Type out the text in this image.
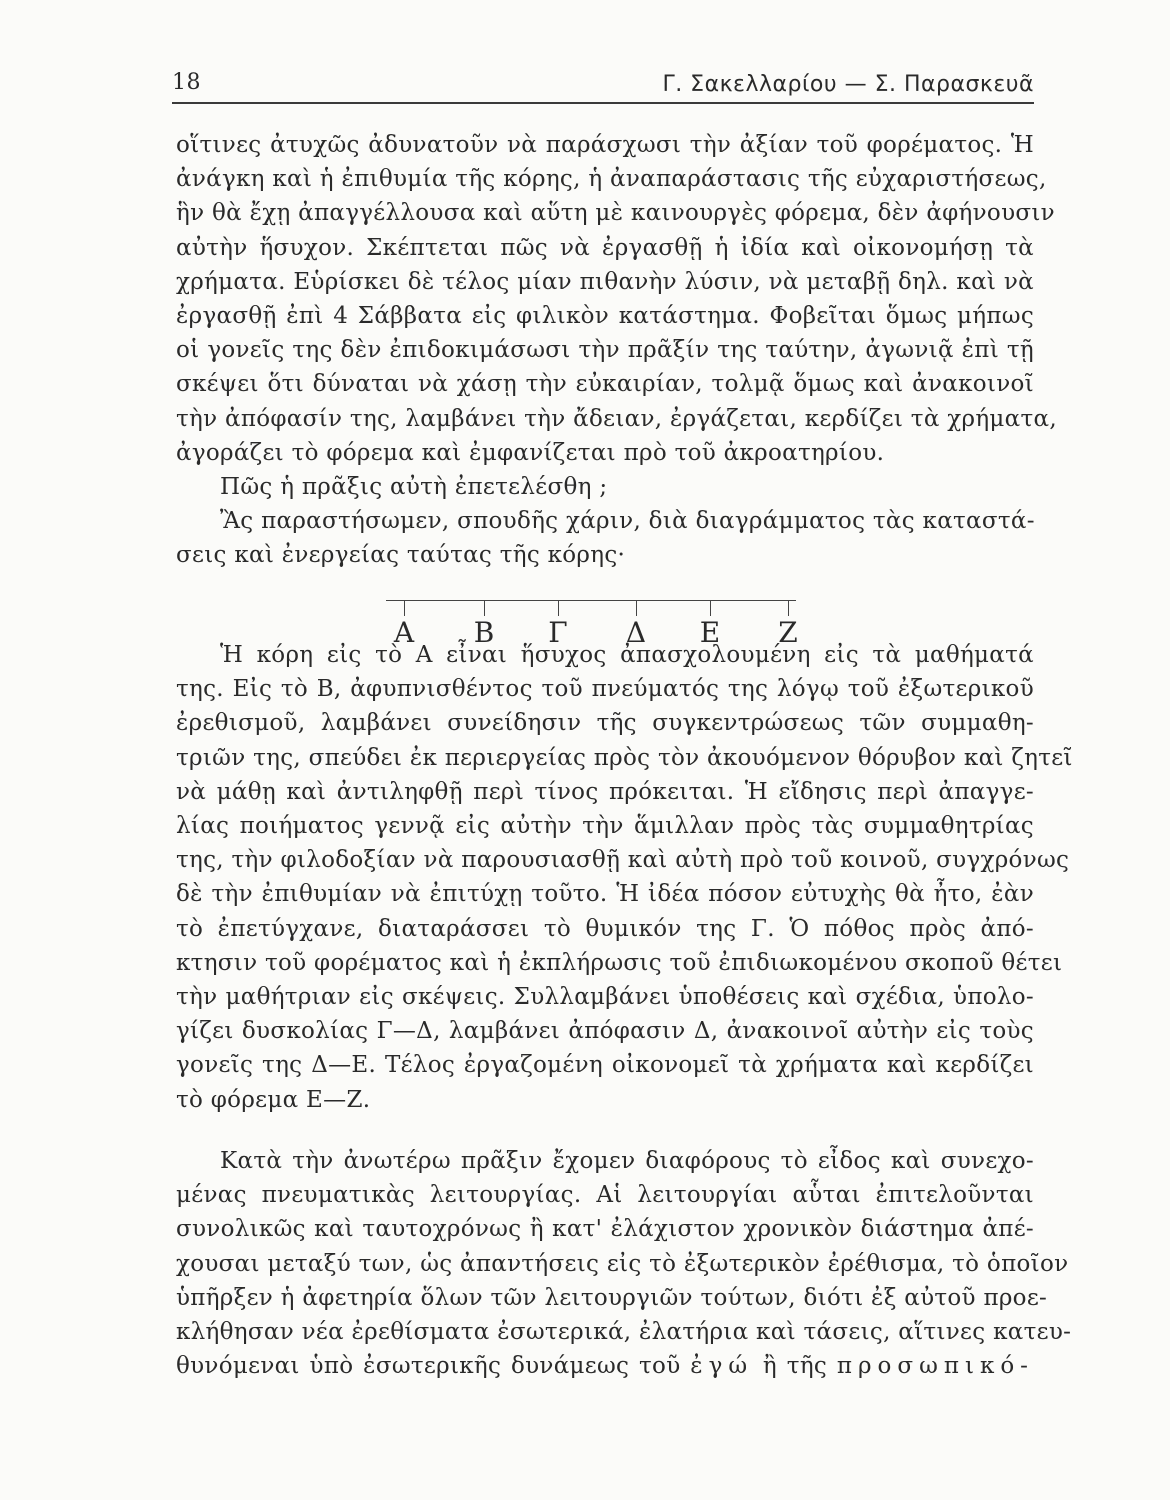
18	Γ. Σακελλαρίου — Σ. Παρασκευᾶ
οἵτινες ἀτυχῶς ἀδυνατοῦν νὰ παράσχωσι τὴν ἀξίαν τοῦ φορέματος. Ἡ
ἀνάγκη καὶ ἡ ἐπιθυμία τῆς κόρης, ἡ ἀναπαράστασις τῆς εὐχαριστήσεως,
ἣν θὰ ἔχῃ ἀπαγγέλλουσα καὶ αὕτη μὲ καινουργὲς φόρεμα, δὲν ἀφήνουσιν
αὐτὴν ἥσυχον. Σκέπτεται πῶς νὰ ἐργασθῇ ἡ ἰδία καὶ οἰκονομήσῃ τὰ
χρήματα. Εὑρίσκει δὲ τέλος μίαν πιθανὴν λύσιν, νὰ μεταβῇ δηλ. καὶ νὰ
ἐργασθῇ ἐπὶ 4 Σάββατα εἰς φιλικὸν κατάστημα. Φοβεῖται ὅμως μήπως
οἱ γονεῖς της δὲν ἐπιδοκιμάσωσι τὴν πρᾶξίν της ταύτην, ἀγωνιᾷ ἐπὶ τῇ
σκέψει ὅτι δύναται νὰ χάσῃ τὴν εὐκαιρίαν, τολμᾷ ὅμως καὶ ἀνακοινοῖ
τὴν ἀπόφασίν της, λαμβάνει τὴν ἄδειαν, ἐργάζεται, κερδίζει τὰ χρήματα,
ἀγοράζει τὸ φόρεμα καὶ ἐμφανίζεται πρὸ τοῦ ἀκροατηρίου.
Πῶς ἡ πρᾶξις αὐτὴ ἐπετελέσθη ;
Ἂς παραστήσωμεν, σπουδῆς χάριν, διὰ διαγράμματος τὰς καταστά-
σεις καὶ ἐνεργείας ταύτας τῆς κόρης·
Α	Β	Γ	Δ	Ε	Ζ
Ἡ κόρη εἰς τὸ Α εἶναι ἥσυχος ἀπασχολουμένη εἰς τὰ μαθήματά
της. Εἰς τὸ Β, ἀφυπνισθέντος τοῦ πνεύματός της λόγῳ τοῦ ἐξωτερικοῦ
ἐρεθισμοῦ, λαμβάνει συνείδησιν τῆς συγκεντρώσεως τῶν συμμαθη-
τριῶν της, σπεύδει ἐκ περιεργείας πρὸς τὸν ἀκουόμενον θόρυβον καὶ ζητεῖ
νὰ μάθῃ καὶ ἀντιληφθῇ περὶ τίνος πρόκειται. Ἡ εἴδησις περὶ ἀπαγγε-
λίας ποιήματος γεννᾷ εἰς αὐτὴν τὴν ἅμιλλαν πρὸς τὰς συμμαθητρίας
της, τὴν φιλοδοξίαν νὰ παρουσιασθῇ καὶ αὐτὴ πρὸ τοῦ κοινοῦ, συγχρόνως
δὲ τὴν ἐπιθυμίαν νὰ ἐπιτύχῃ τοῦτο. Ἡ ἰδέα πόσον εὐτυχὴς θὰ ἦτο, ἐὰν
τὸ ἐπετύγχανε, διαταράσσει τὸ θυμικόν της Γ. Ὁ πόθος πρὸς ἀπό-
κτησιν τοῦ φορέματος καὶ ἡ ἐκπλήρωσις τοῦ ἐπιδιωκομένου σκοποῦ θέτει
τὴν μαθήτριαν εἰς σκέψεις. Συλλαμβάνει ὑποθέσεις καὶ σχέδια, ὑπολο-
γίζει δυσκολίας Γ—Δ, λαμβάνει ἀπόφασιν Δ, ἀνακοινοῖ αὐτὴν εἰς τοὺς
γονεῖς της Δ—Ε. Τέλος ἐργαζομένη οἰκονομεῖ τὰ χρήματα καὶ κερδίζει
τὸ φόρεμα Ε—Ζ.
Κατὰ τὴν ἀνωτέρω πρᾶξιν ἔχομεν διαφόρους τὸ εἶδος καὶ συνεχο-
μένας πνευματικὰς λειτουργίας. Αἱ λειτουργίαι αὗται ἐπιτελοῦνται
συνολικῶς καὶ ταυτοχρόνως ἢ κατ' ἐλάχιστον χρονικὸν διάστημα ἀπέ-
χουσαι μεταξύ των, ὡς ἀπαντήσεις εἰς τὸ ἐξωτερικὸν ἐρέθισμα, τὸ ὁποῖον
ὑπῆρξεν ἡ ἀφετηρία ὅλων τῶν λειτουργιῶν τούτων, διότι ἐξ αὐτοῦ προε-
κλήθησαν νέα ἐρεθίσματα ἐσωτερικά, ἐλατήρια καὶ τάσεις, αἵτινες κατευ-
θυνόμεναι ὑπὸ ἐσωτερικῆς δυνάμεως τοῦ ἐγώ ἢ τῆς προσωπικό-
